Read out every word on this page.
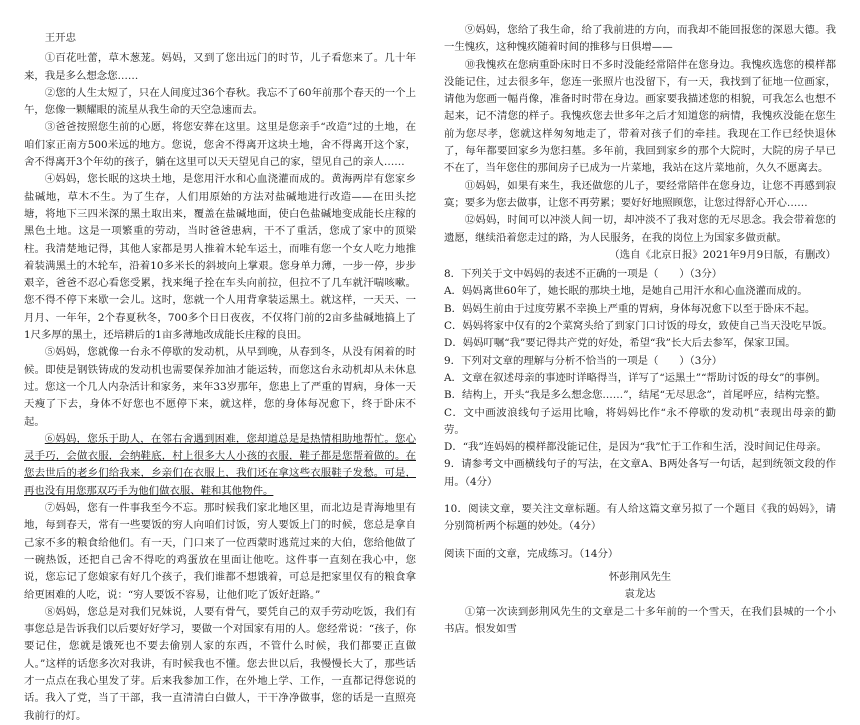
王开忠

①百花吐蕾，草木葱茏。妈妈，又到了您出远门的时节，儿子看您来了。几十年来，我是多么想念您……

②您的人生太短了，只在人间度过36个春秋。我忘不了60年前那个春天的一个上午，您像一颗耀眼的流星从我生命的天空急速而去。

③爸爸按照您生前的心愿，将您安葬在这里。这里是您亲手“改造”过的土地，在咱们家正南方500米远的地方。您说，您舍不得离开这块土地，舍不得离开这个家，舍不得离开3个年幼的孩子，躺在这里可以天天望见自己的家，望见自己的亲人……

④妈妈，您长眠的这块土地，是您用汗水和心血浇灌而成的。黄海两岸有您家乡盐碱地，草木不生。为了生存，人们用原始的方法对盐碱地进行改造——在田头挖塘，将地下三四米深的黑土取出来，覆盖在盐碱地面，使白色盐碱地变成能长庄稼的黑色土地。这是一项繁重的劳动，当时爸爸患病，干不了重活，您成了家中的顶梁柱。我清楚地记得，其他人家都是男人推着木轮车运土，而唯有您一个女人吃力地推着装满黑土的木轮车，沿着10多米长的斜坡向上掌艰。您身单力薄，一步一停，步步艰辛，爸爸不忍心看您受累，找来绳子拴在车头向前拉，但拉不了几车就汗喘咳嗽。您不得不停下来歇一会儿。这时，您就一个人用背拿装运黑土。就这样，一天天、一月月、一年年，2个春夏秋冬，700多个日日夜夜，不仅将门前的2亩多盐碱地搞上了1尺多厚的黑土，还培耕后的1亩多薄地改成能长庄稼的良田。

⑤妈妈，您就像一台永不停歇的发动机，从早到晚，从春到冬，从没有闲着的时候。即使是钢铁铸成的发动机也需要保养加油才能运转，而您这台永动机却从未休息过。您这一个几人内杂活计和家务，来年33岁那年，您患上了严重的胃病，身体一天天瘦了下去，身体不好您也不愿停下来，就这样，您的身体每况愈下，终于卧床不起。

⑥妈妈，您乐于助人，在邻右舍遇到困难，您却道总是是热情相助地帮忙。您心灵手巧，会做衣服，会纳鞋底，村上很多大人小孩的衣服，鞋子都是您帮着做的。在您去世后的老乡们给我来，乡亲们在衣服上，我们还在拿这些衣服鞋子发愁。可是，再也没有用您那双巧手为他们做衣服、鞋和其他物件。

⑦妈妈，您有一件事我至今不忘。那时候我们家北地区里，而北边是青海地里有地，每到春天，常有一些要饭的穷人向咱们讨饭，穷人要饭上门的时候，您总是拿自己家不多的粮食给他们。有一天，门口来了一位西蒙时逃荒过来的大伯，您给他做了一碗热饭，还把自己舍不得吃的鸡蛋放在里面让他吃。这件事一直刻在我心中，您说，您忘记了您娘家有好几个孩子，我们谁都不想饿着，可总是把家里仅有的粮食拿给更困难的人吃，说：“穷人要饭不容易，让他们吃了饭好赶路。”

⑧妈妈，您总是对我们兄妹说，人要有骨气，要凭自己的双手劳动吃饭，我们有事您总是告诉我们以后要好好学习，要做一个对国家有用的人。您经常说：“孩子，你要记住，您就是饿死也不要去偷别人家的东西，不管什么时候，我们都要正直做人。”这样的话您多次对我讲，有时候我也不懂。您去世以后，我慢慢长大了，那些话才一点点在我心里发了芽。后来我参加工作，在外地上学、工作，一直都记得您说的话。我入了党，当了干部，我一直清清白白做人，干干净净做事，您的话是一直照亮我前行的灯。

⑨妈妈，您给了我生命，给了我前进的方向，而我却不能回报您的深恩大德。我一生愧疚，这种愧疚随着时间的推移与日俱增——

⑩我愧疚在您病重卧床时日不多时没能经常陪伴在您身边。我愧疚选您的模样都没能记住，过去很多年，您连一张照片也没留下，有一天，我找到了征地一位画家，请他为您画一幅肖像，准备时时带在身边。画家要我描述您的相貌，可我怎么也想不起来，记不清您的样子。我愧疚您去世多年之后才知道您的病情，我愧疚没能在您生前为您尽孝，您就这样匆匆地走了，带着对孩子们的牵挂。我现在工作已经快退休了，每年都要回家乡为您扫墓。多年前，我回到家乡的那个大院时，大院的房子早已不在了，当年您住的那间房子已成为一片菜地，我站在这片菜地前，久久不愿离去。

⑪妈妈，如果有来生，我还做您的儿子，要经常陪伴在您身边，让您不再感到寂寞；要多为您去做事，让您不再劳累；要好好地照顾您，让您过得舒心开心……

⑫妈妈，时间可以冲淡人间一切，却冲淡不了我对您的无尽思念。我会带着您的遗愿，继续沿着您走过的路，为人民服务，在我的岗位上为国家多做贡献。

（选自《北京日报》2021年9月9日版，有删改）

8．下列关于文中妈妈的表述不正确的一项是（　　）（3分）

A．妈妈离世60年了，她长眠的那块土地，是她自己用汗水和心血浇灌而成的。

B．妈妈生前由于过度劳累不幸换上严重的胃病，身体每况愈下以至于卧床不起。

C．妈妈将家中仅有的2个菜窝头给了到家门口讨饭的母女，致使自己当天没吃早饭。

D．妈妈叮嘱“我”要记得共产党的好处，希望“我”长大后去参军，保家卫国。

9．下列对文章的理解与分析不恰当的一项是（　　）（3分）

A．文章在叙述母亲的事迹时详略得当，详写了“运黑土”“帮助讨饭的母女”的事例。

B．结构上，开头“我是多么想念您……”，结尾“无尽思念”，首尾呼应，结构完整。

C．文中画波浪线句子运用比喻，将妈妈比作“永不停歇的发动机”表现出母亲的勤劳。

D．“我”连妈妈的模样都没能记住，是因为“我”忙于工作和生活，没时间记住母亲。

9．请参考文中画横线句子的写法，在文章A、B两处各写一句话，起到统领文段的作用。（4分）

10．阅读文章，要关注文章标题。有人给这篇文章另拟了一个题目《我的妈妈》，请分别简析两个标题的妙处。（4分）

阅读下面的文章，完成练习。（14分）

怀彭荆风先生

袁龙达

①第一次读到彭荆风先生的文章是二十多年前的一个雪天，在我们县城的一个小书店。恨发如雪
